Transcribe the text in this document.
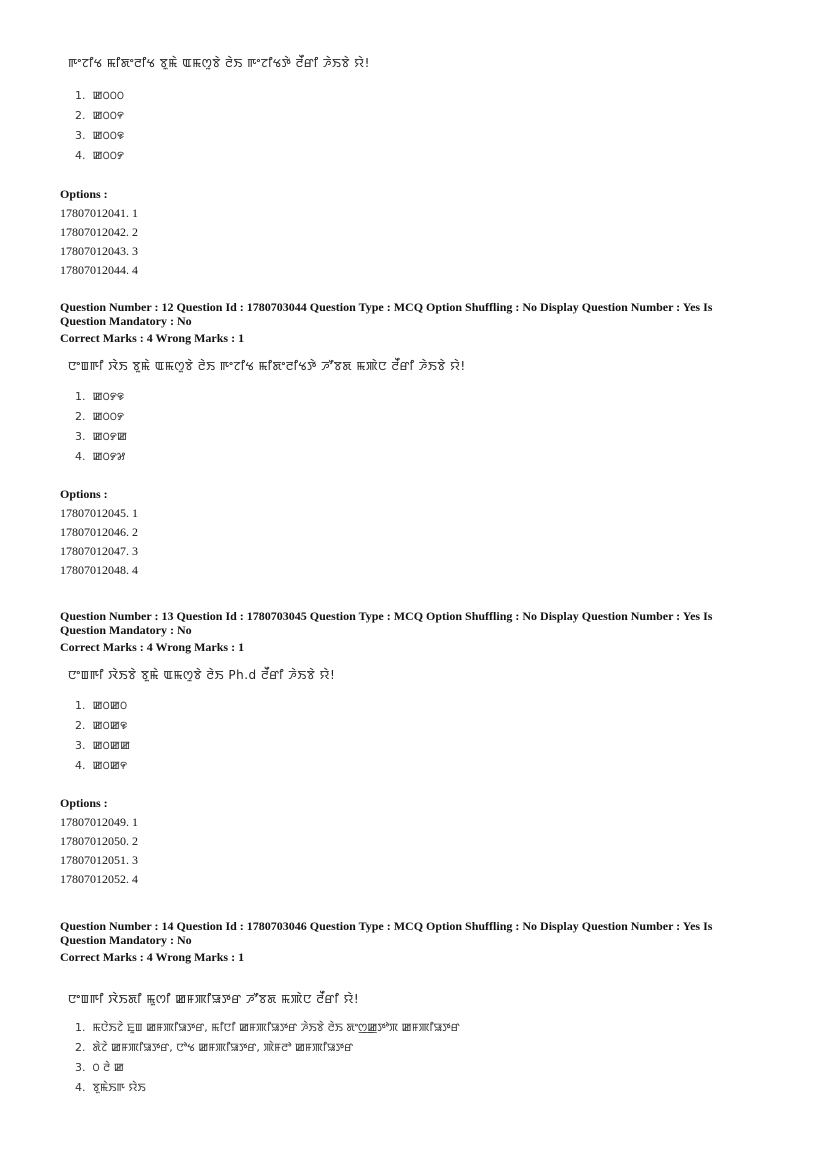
ꯒꯦꯖꯤꯠ ꯃꯤꯗꯦꯂꯤꯠ ꯕꯨꯃꯥ ꯑꯃꯁꯨꯕꯥ ꯂꯥꯏ ꯒꯦꯖꯤꯠꯇꯥ ꯂꯩꯔꯤ ꯍꯥꯏꯕꯥ ꯌꯥ!
1. ꯀ꯰꯰꯰
2. ꯀ꯰꯰꯵
3. ꯀ꯰꯰꯶
4. ꯀ꯰꯰꯸
Options :
17807012041. 1
17807012042. 2
17807012043. 3
17807012044. 4
Question Number : 12 Question Id : 1780703044 Question Type : MCQ Option Shuffling : No Display Question Number : Yes Is Question Mandatory : No
Correct Marks : 4 Wrong Marks : 1
ꯅꯦꯡꯒꯤ ꯋꯥꯏ ꯕꯨꯃꯥ ꯑꯃꯁꯨꯕꯥ ꯂꯥꯏ ꯒꯦꯖꯤꯠ ꯃꯤꯗꯦꯂꯤꯠꯇꯥ ꯍꯧꯕꯗ ꯃꯄꯥꯅ ꯂꯩꯔꯤ ꯍꯥꯏꯕꯥ ꯌꯥ!
1. ꯀ꯰꯸꯶
2. ꯀ꯰꯰꯸
3. ꯀ꯰꯸ꯀ
4. ꯀ꯰꯸꯷
Options :
17807012045. 1
17807012046. 2
17807012047. 3
17807012048. 4
Question Number : 13 Question Id : 1780703045 Question Type : MCQ Option Shuffling : No Display Question Number : Yes Is Question Mandatory : No
Correct Marks : 4 Wrong Marks : 1
ꯅꯦꯡꯒꯤ ꯋꯥꯏꯕꯥ ꯕꯨꯃꯥ ꯑꯃꯁꯨꯕꯥ ꯂꯥꯏ Ph.d ꯂꯩꯔꯤ ꯍꯥꯏꯕꯥ ꯌꯥ!
1. ꯀ꯰ꯀ꯰
2. ꯀ꯰ꯀ꯶
3. ꯀ꯰ꯀꯀ
4. ꯀ꯰ꯀ꯵
Options :
17807012049. 1
17807012050. 2
17807012051. 3
17807012052. 4
Question Number : 14 Question Id : 1780703046 Question Type : MCQ Option Shuffling : No Display Question Number : Yes Is Question Mandatory : No
Correct Marks : 4 Wrong Marks : 1
ꯅꯦꯡꯒꯤ ꯋꯥꯏꯗꯤ ꯃꯨꯁꯤ ꯀꯝꯄꯤꯎꯇꯔ ꯍꯧꯕꯗ ꯃꯄꯥꯅ ꯂꯩꯔꯤ ꯌꯥ!
1. ꯃꯅꯥꯏꯖꯥ ꯐꯨꯡ ꯀꯝꯄꯤꯎꯇꯔ, ꯃꯤꯅꯤ ꯀꯝꯄꯤꯎꯇꯔ ꯍꯥꯏꯕꯥ ꯂꯥꯏ ꯗꯦꯁ꯭ꯀꯇꯣꯞ ꯀꯝꯄꯤꯎꯇꯔ
2. ꯗꯥꯖꯥ ꯀꯝꯄꯤꯎꯇꯔ, ꯅꯣꯠ ꯀꯝꯄꯤꯎꯇꯔ, ꯄꯥꯝꯂꯣ ꯀꯝꯄꯤꯎꯇꯔ
3. ꯰ ꯂꯥ ꯀ
4. ꯕꯨꯃꯥꯏꯒ ꯌꯥꯏ
